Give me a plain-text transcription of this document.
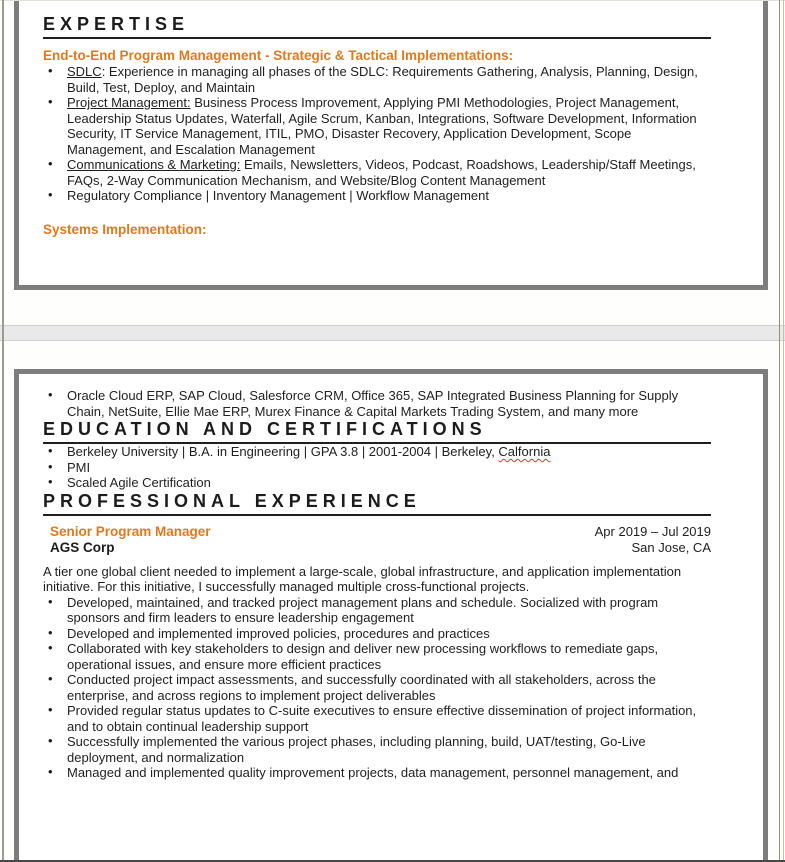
EXPERTISE

End-to-End Program Management - Strategic & Tactical Implementations:

• SDLC: Experience in managing all phases of the SDLC: Requirements Gathering, Analysis, Planning, Design, Build, Test, Deploy, and Maintain
• Project Management: Business Process Improvement, Applying PMI Methodologies, Project Management, Leadership Status Updates, Waterfall, Agile Scrum, Kanban, Integrations, Software Development, Information Security, IT Service Management, ITIL, PMO, Disaster Recovery, Application Development, Scope Management, and Escalation Management
• Communications & Marketing: Emails, Newsletters, Videos, Podcast, Roadshows, Leadership/Staff Meetings, FAQs, 2-Way Communication Mechanism, and Website/Blog Content Management
• Regulatory Compliance | Inventory Management | Workflow Management

Systems Implementation:

• Oracle Cloud ERP, SAP Cloud, Salesforce CRM, Office 365, SAP Integrated Business Planning for Supply Chain, NetSuite, Ellie Mae ERP, Murex Finance & Capital Markets Trading System, and many more
EDUCATION AND CERTIFICATIONS
• Berkeley University | B.A. in Engineering | GPA 3.8 | 2001-2004 | Berkeley, Calfornia
• PMI
• Scaled Agile Certification
PROFESSIONAL EXPERIENCE
Senior Program Manager	Apr 2019 – Jul 2019
AGS Corp	San Jose, CA

A tier one global client needed to implement a large-scale, global infrastructure, and application implementation initiative. For this initiative, I successfully managed multiple cross-functional projects.

• Developed, maintained, and tracked project management plans and schedule. Socialized with program sponsors and firm leaders to ensure leadership engagement
• Developed and implemented improved policies, procedures and practices
• Collaborated with key stakeholders to design and deliver new processing workflows to remediate gaps, operational issues, and ensure more efficient practices
• Conducted project impact assessments, and successfully coordinated with all stakeholders, across the enterprise, and across regions to implement project deliverables
• Provided regular status updates to C-suite executives to ensure effective dissemination of project information, and to obtain continual leadership support
• Successfully implemented the various project phases, including planning, build, UAT/testing, Go-Live deployment, and normalization
• Managed and implemented quality improvement projects, data management, personnel management, and
